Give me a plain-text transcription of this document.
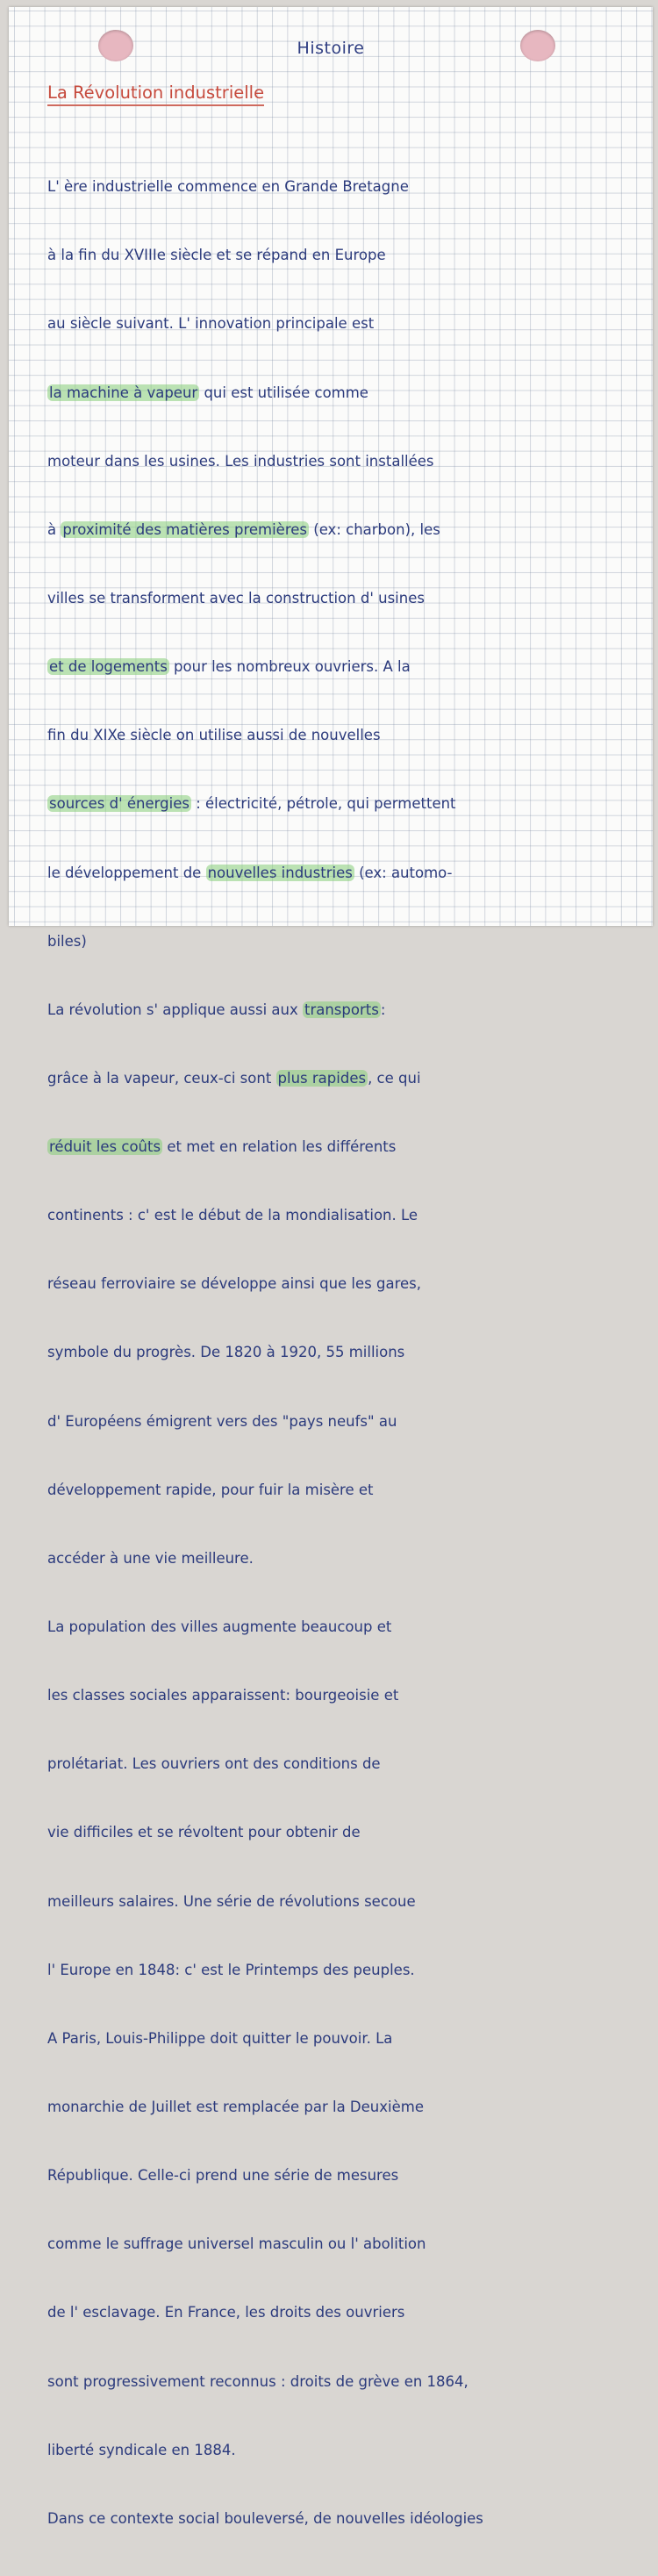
Histoire
La Révolution industrielle

L' ère industrielle commence en Grande Bretagne

à la fin du XVIIIe siècle et se répand en Europe

au siècle suivant. L' innovation principale est

la machine à vapeur qui est utilisée comme

moteur dans les usines. Les industries sont installées

à proximité des matières premières (ex: charbon), les

villes se transforment avec la construction d' usines

et de logements pour les nombreux ouvriers. A la

fin du XIXe siècle on utilise aussi de nouvelles

sources d' énergies : électricité, pétrole, qui permettent

le développement de nouvelles industries (ex: automo-

biles)

La révolution s' applique aussi aux transports :

grâce à la vapeur, ceux-ci sont plus rapides , ce qui

réduit les coûts et met en relation les différents

continents : c' est le début de la mondialisation. Le

réseau ferroviaire se développe ainsi que les gares,

symbole du progrès. De 1820 à 1920, 55 millions

d' Européens émigrent vers des "pays neufs" au

développement rapide, pour fuir la misère et

accéder à une vie meilleure.

La population des villes augmente beaucoup et

les classes sociales apparaissent: bourgeoisie et

prolétariat. Les ouvriers ont des conditions de

vie difficiles et se révoltent pour obtenir de

meilleurs salaires. Une série de révolutions secoue

l' Europe en 1848: c' est le Printemps des peuples.

A Paris, Louis-Philippe doit quitter le pouvoir. La

monarchie de Juillet est remplacée par la Deuxième

République. Celle-ci prend une série de mesures

comme le suffrage universel masculin ou l' abolition

de l' esclavage. En France, les droits des ouvriers

sont progressivement reconnus : droits de grève en 1864,

liberté syndicale en 1884.

Dans ce contexte social bouleversé, de nouvelles idéologies
